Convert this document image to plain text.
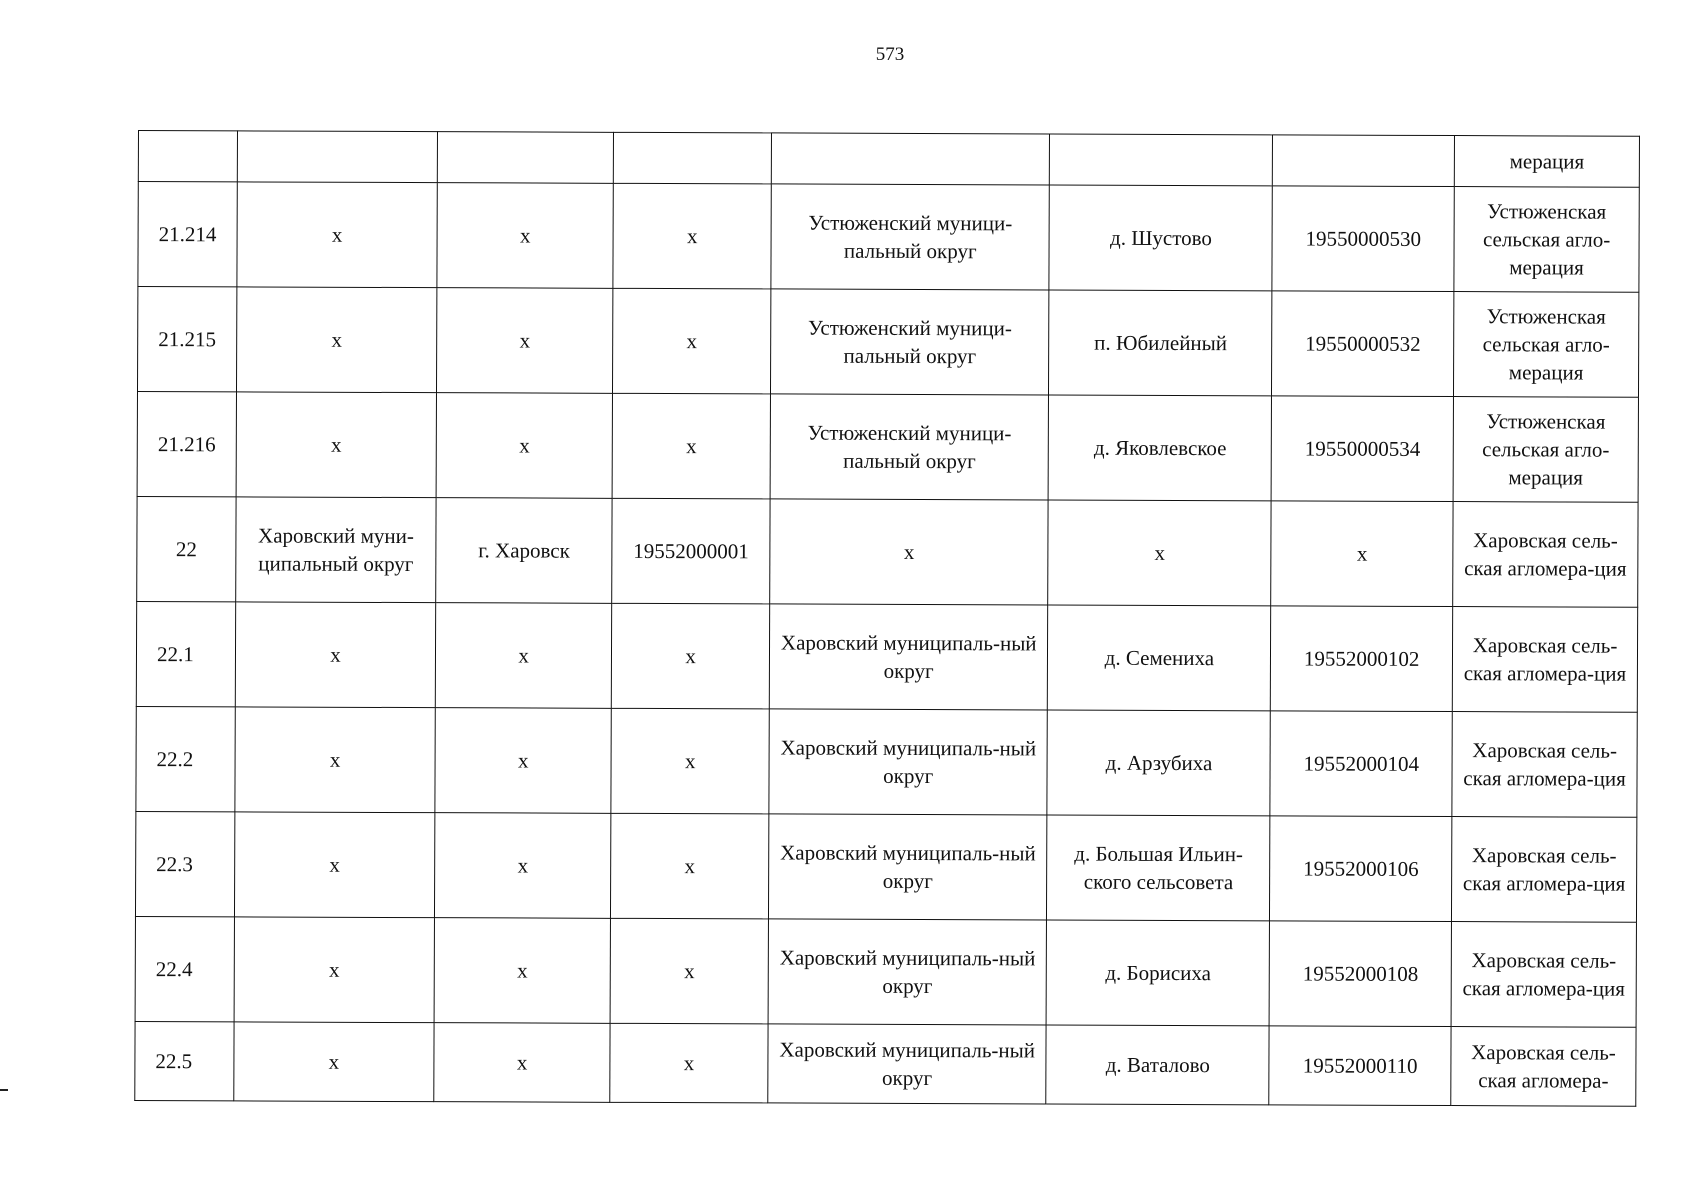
573
							мерация
21.214	х	х	х	Устюженский муници-пальный округ	д. Шустово	19550000530	Устюженская сельская агло-мерация
21.215	х	х	х	Устюженский муници-пальный округ	п. Юбилейный	19550000532	Устюженская сельская агло-мерация
21.216	х	х	х	Устюженский муници-пальный округ	д. Яковлевское	19550000534	Устюженская сельская агло-мерация
22	Харовский муни-ципальный округ	г. Харовск	19552000001	х	х	х	Харовская сель-ская агломера-ция
22.1	х	х	х	Харовский муниципаль-ный округ	д. Семениха	19552000102	Харовская сель-ская агломера-ция
22.2	х	х	х	Харовский муниципаль-ный округ	д. Арзубиха	19552000104	Харовская сель-ская агломера-ция
22.3	х	х	х	Харовский муниципаль-ный округ	д. Большая Ильин-ского сельсовета	19552000106	Харовская сель-ская агломера-ция
22.4	х	х	х	Харовский муниципаль-ный округ	д. Борисиха	19552000108	Харовская сель-ская агломера-ция
22.5	х	х	х	Харовский муниципаль-ный округ	д. Ваталово	19552000110	Харовская сель-ская агломера-
